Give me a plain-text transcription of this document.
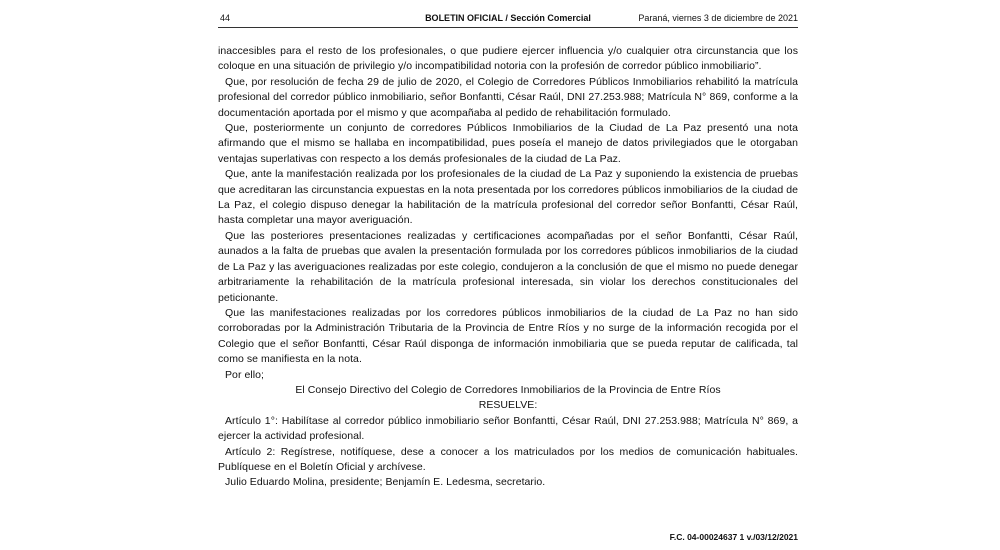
44	BOLETIN OFICIAL / Sección Comercial	Paraná, viernes 3 de diciembre de 2021

inaccesibles para el resto de los profesionales, o que pudiere ejercer influencia y/o cualquier otra circunstancia que los coloque en una situación de privilegio y/o incompatibilidad notoria con la profesión de corredor público inmobiliario”.

Que, por resolución de fecha 29 de julio de 2020, el Colegio de Corredores Públicos Inmobiliarios rehabilitó la matrícula profesional del corredor público inmobiliario, señor Bonfantti, César Raúl, DNI 27.253.988; Matrícula N° 869, conforme a la documentación aportada por el mismo y que acompañaba al pedido de rehabilitación formulado.

Que, posteriormente un conjunto de corredores Públicos Inmobiliarios de la Ciudad de La Paz presentó una nota afirmando que el mismo se hallaba en incompatibilidad, pues poseía el manejo de datos privilegiados que le otorgaban ventajas superlativas con respecto a los demás profesionales de la ciudad de La Paz.

Que, ante la manifestación realizada por los profesionales de la ciudad de La Paz y suponiendo la existencia de pruebas que acreditaran las circunstancia expuestas en la nota presentada por los corredores públicos inmobiliarios de la ciudad de La Paz, el colegio dispuso denegar la habilitación de la matrícula profesional del corredor señor Bonfantti, César Raúl, hasta completar una mayor averiguación.

Que las posteriores presentaciones realizadas y certificaciones acompañadas por el señor Bonfantti, César Raúl, aunados a la falta de pruebas que avalen la presentación formulada por los corredores públicos inmobiliarios de la ciudad de La Paz y las averiguaciones realizadas por este colegio, condujeron a la conclusión de que el mismo no puede denegar arbitrariamente la rehabilitación de la matrícula profesional interesada, sin violar los derechos constitucionales del peticionante.

Que las manifestaciones realizadas por los corredores públicos inmobiliarios de la ciudad de La Paz no han sido corroboradas por la Administración Tributaria de la Provincia de Entre Ríos y no surge de la información recogida por el Colegio que el señor Bonfantti, César Raúl disponga de información inmobiliaria que se pueda reputar de calificada, tal como se manifiesta en la nota.

Por ello;

El Consejo Directivo del Colegio de Corredores Inmobiliarios de la Provincia de Entre Ríos

RESUELVE:

Artículo 1°: Habilítase al corredor público inmobiliario señor Bonfantti, César Raúl, DNI 27.253.988; Matrícula N° 869, a ejercer la actividad profesional.

Artículo 2: Regístrese, notifíquese, dese a conocer a los matriculados por los medios de comunicación habituales. Publíquese en el Boletín Oficial y archívese.

Julio Eduardo Molina, presidente; Benjamín E. Ledesma, secretario.

F.C. 04-00024637 1 v./03/12/2021
